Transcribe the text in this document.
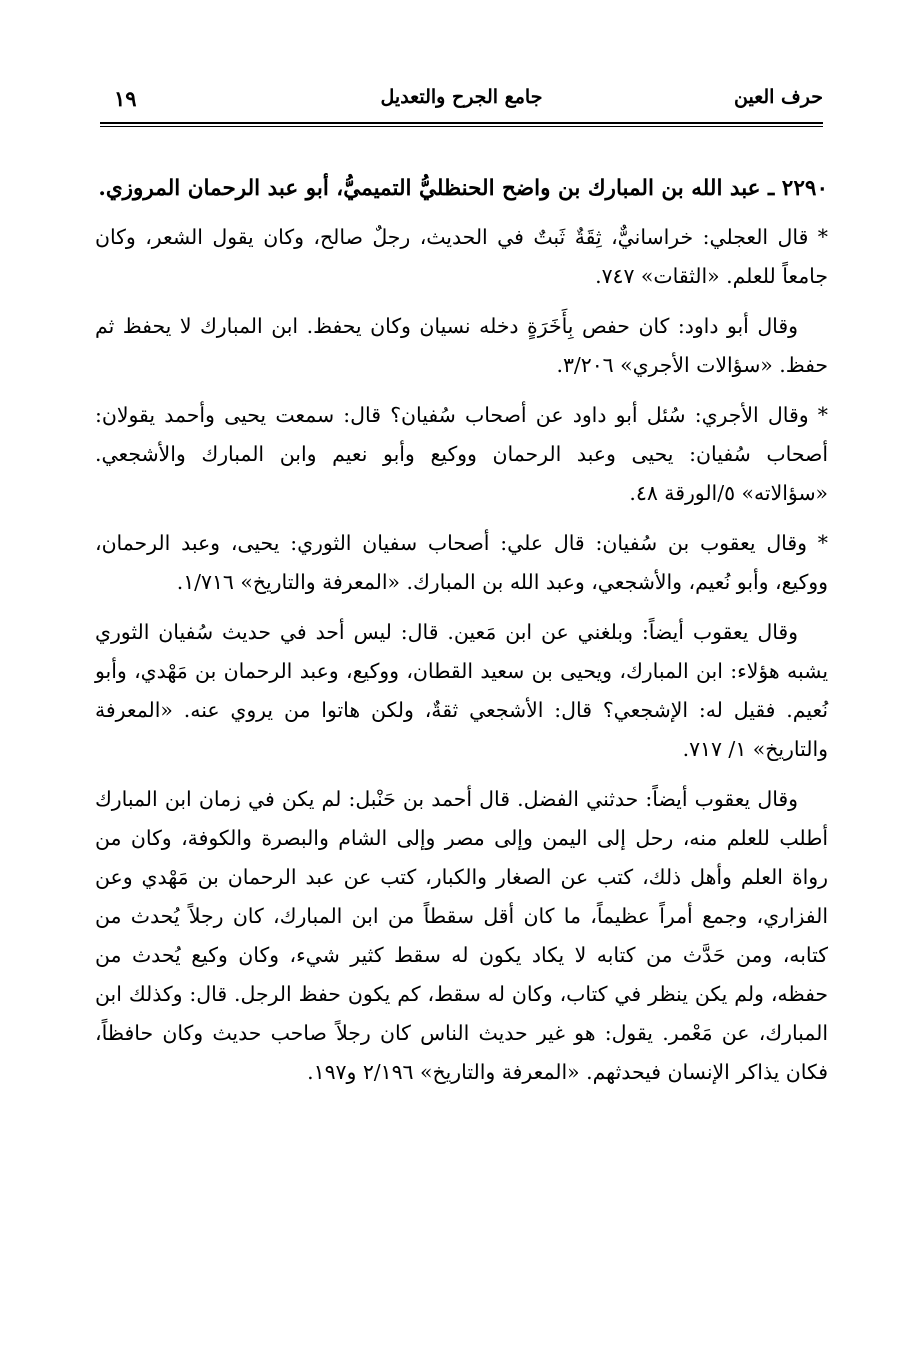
حرف العين
جامع الجرح والتعديل
١٩

٢٢٩٠ ـ عبد الله بن المبارك بن واضح الحنظليُّ التميميُّ، أبو عبد الرحمان المروزي.

* قال العجلي: خراسانيٌّ، ثِقَةٌ ثَبتٌ في الحديث، رجلٌ صالح، وكان يقول الشعر، وكان جامعاً للعلم. «الثقات» ٧٤٧.

وقال أبو داود: كان حفص بِأَخَرَةٍ دخله نسيان وكان يحفظ. ابن المبارك لا يحفظ ثم حفظ. «سؤالات الأجري» ٣/٢٠٦.

* وقال الأجري: سُئل أبو داود عن أصحاب سُفيان؟ قال: سمعت يحيى وأحمد يقولان: أصحاب سُفيان: يحيى وعبد الرحمان ووكيع وأبو نعيم وابن المبارك والأشجعي. «سؤالاته» ٥/الورقة ٤٨.

* وقال يعقوب بن سُفيان: قال علي: أصحاب سفيان الثوري: يحيى، وعبد الرحمان، ووكيع، وأبو نُعيم، والأشجعي، وعبد الله بن المبارك. «المعرفة والتاريخ» ١/٧١٦.

وقال يعقوب أيضاً: وبلغني عن ابن مَعين. قال: ليس أحد في حديث سُفيان الثوري يشبه هؤلاء: ابن المبارك، ويحيى بن سعيد القطان، ووكيع، وعبد الرحمان بن مَهْدي، وأبو نُعيم. فقيل له: الإشجعي؟ قال: الأشجعي ثقةٌ، ولكن هاتوا من يروي عنه. «المعرفة والتاريخ» ١/ ٧١٧.

وقال يعقوب أيضاً: حدثني الفضل. قال أحمد بن حَنْبل: لم يكن في زمان ابن المبارك أطلب للعلم منه، رحل إلى اليمن وإلى مصر وإلى الشام والبصرة والكوفة، وكان من رواة العلم وأهل ذلك، كتب عن الصغار والكبار، كتب عن عبد الرحمان بن مَهْدي وعن الفزاري، وجمع أمراً عظيماً، ما كان أقل سقطاً من ابن المبارك، كان رجلاً يُحدث من كتابه، ومن حَدَّث من كتابه لا يكاد يكون له سقط كثير شيء، وكان وكيع يُحدث من حفظه، ولم يكن ينظر في كتاب، وكان له سقط، كم يكون حفظ الرجل. قال: وكذلك ابن المبارك، عن مَعْمر. يقول: هو غير حديث الناس كان رجلاً صاحب حديث وكان حافظاً، فكان يذاكر الإنسان فيحدثهم. «المعرفة والتاريخ» ٢/١٩٦ و١٩٧.
